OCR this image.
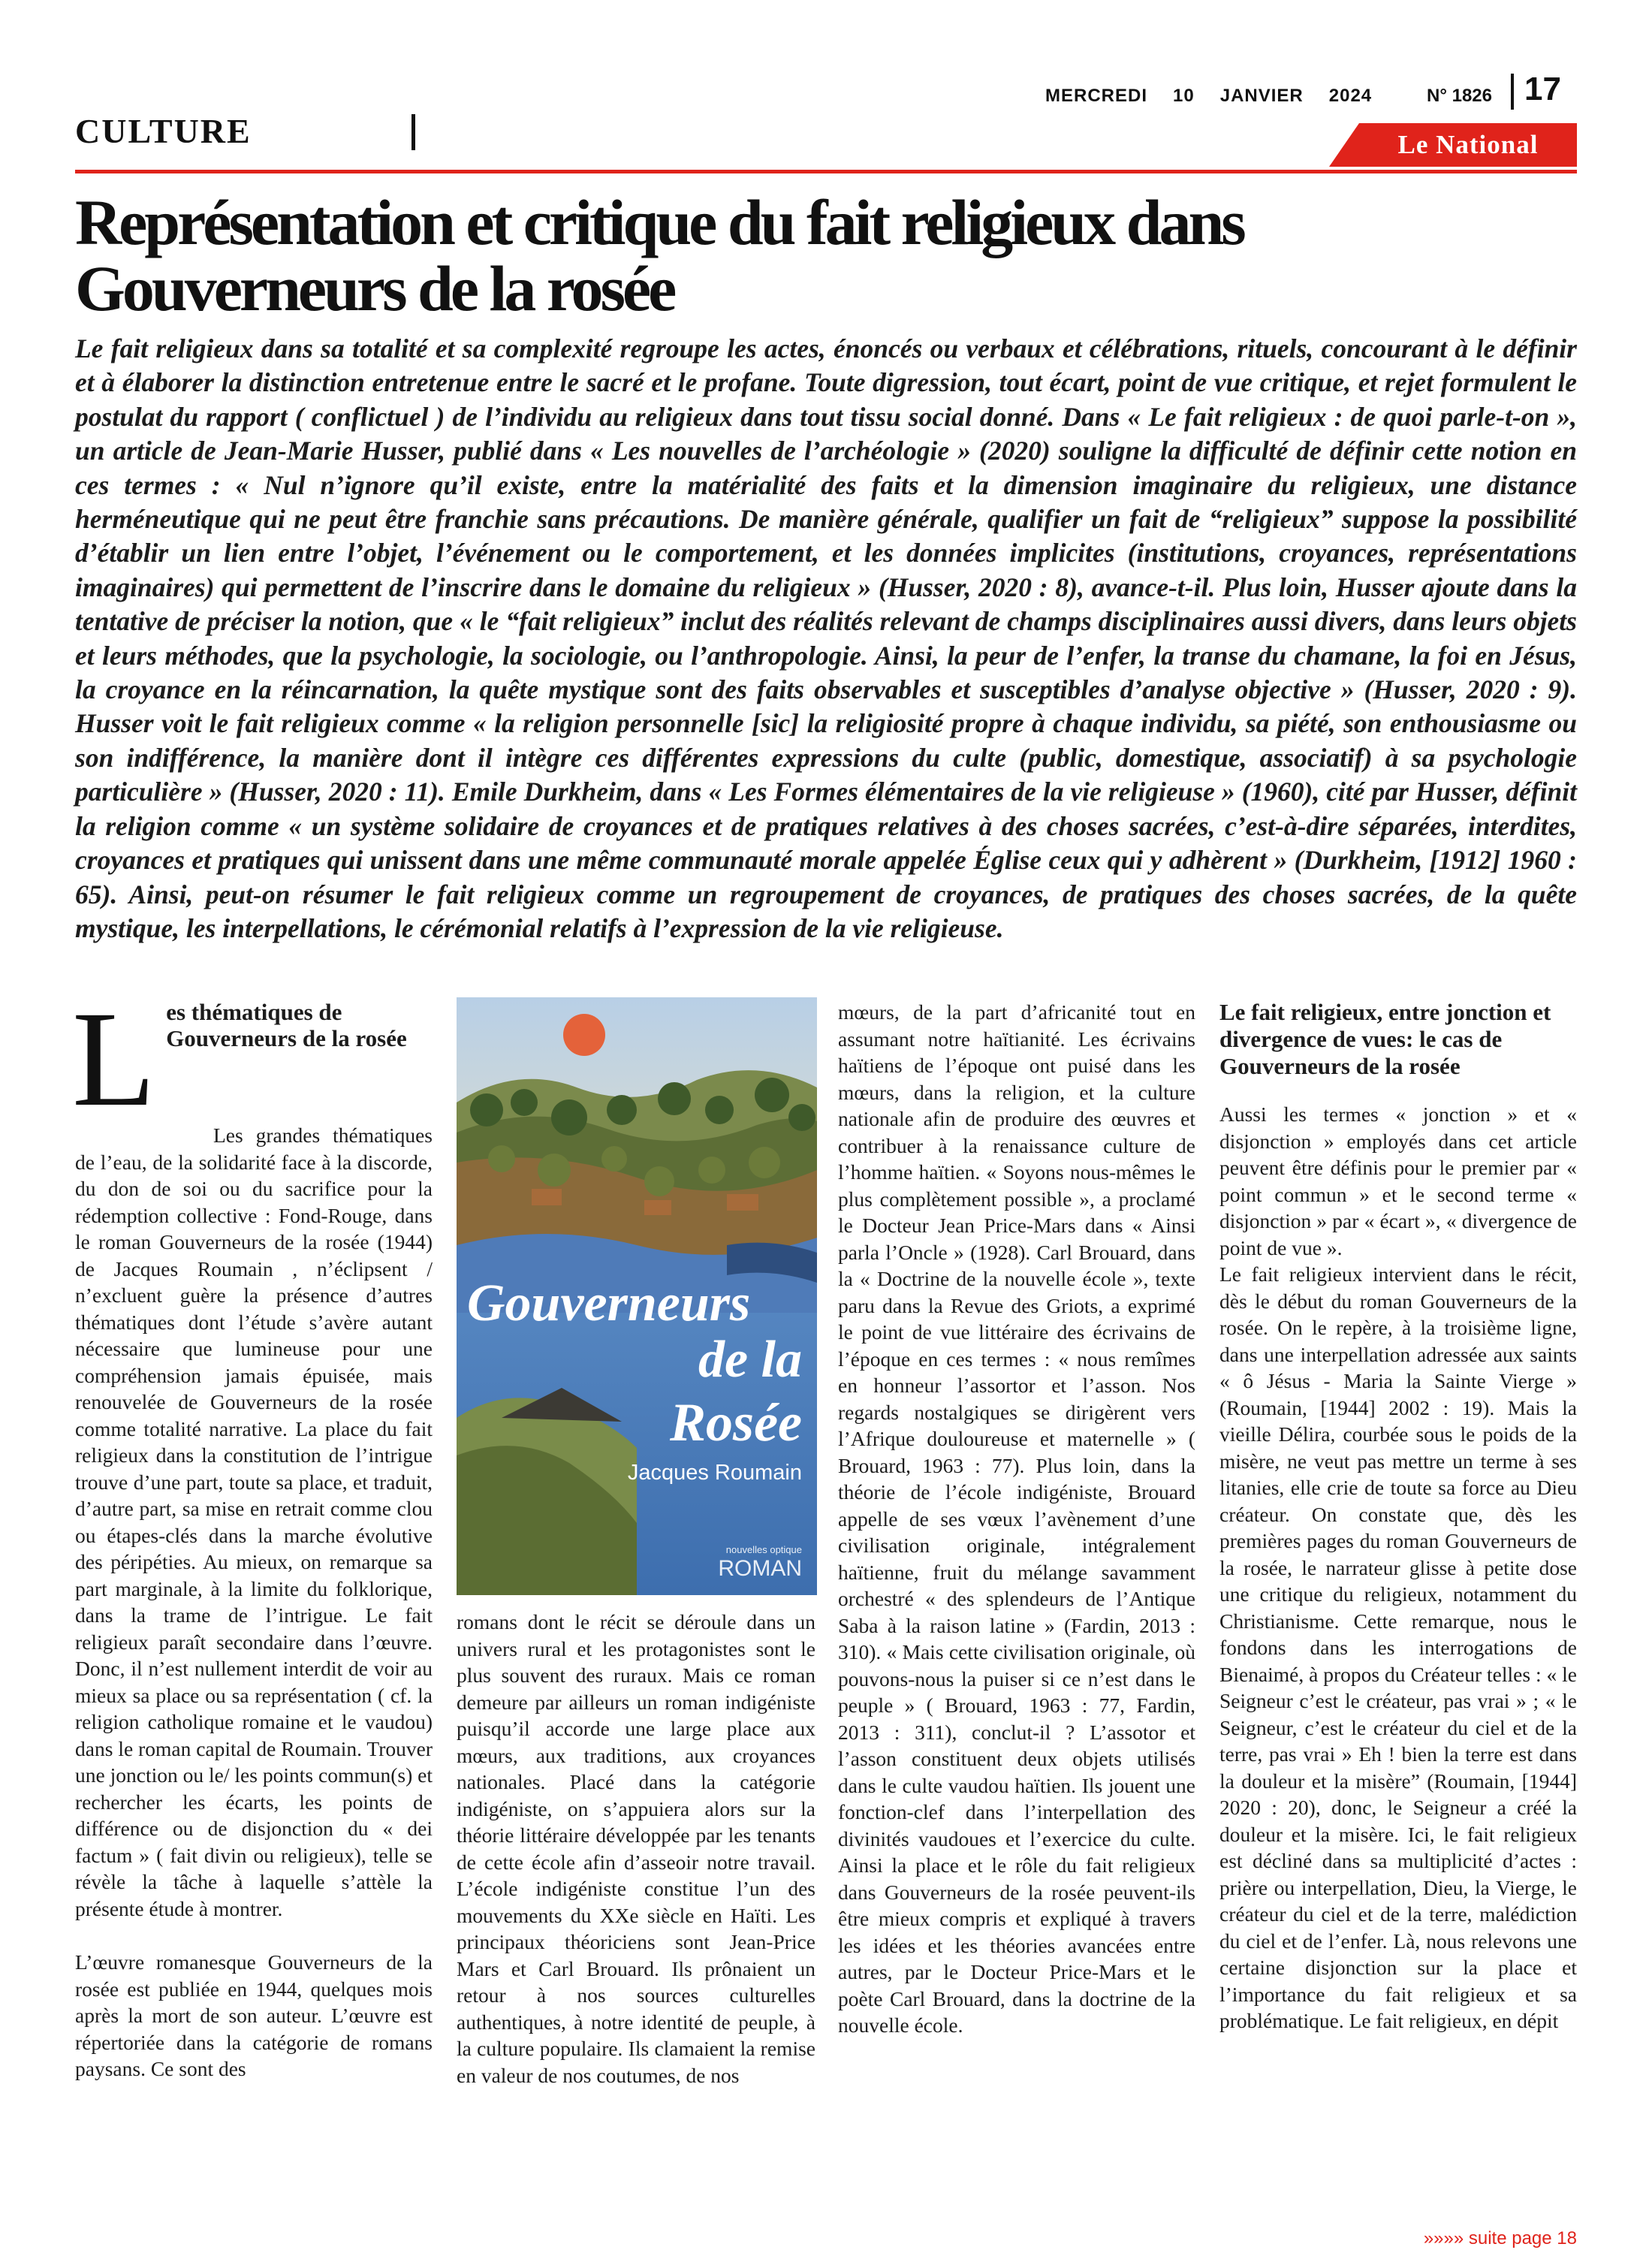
CULTURE
MERCREDI 10 JANVIER 2024	N° 1826 17
Le National
Représentation et critique du fait religieux dans Gouverneurs de la rosée
Le fait religieux dans sa totalité et sa complexité regroupe les actes, énoncés ou verbaux et célébrations, rituels, concourant à le définir et à élaborer la distinction entretenue entre le sacré et le profane. Toute digression, tout écart, point de vue critique, et rejet formulent le postulat du rapport ( conflictuel ) de l’individu au religieux dans tout tissu social donné. Dans « Le fait religieux : de quoi parle-t-on », un article de Jean-Marie Husser, publié dans « Les nouvelles de l’archéologie » (2020) souligne la difficulté de définir cette notion en ces termes : « Nul n’ignore qu’il existe, entre la matérialité des faits et la dimension imaginaire du religieux, une distance herméneutique qui ne peut être franchie sans précautions. De manière générale, qualifier un fait de “religieux” suppose la possibilité d’établir un lien entre l’objet, l’événement ou le comportement, et les données implicites (institutions, croyances, représentations imaginaires) qui permettent de l’inscrire dans le domaine du religieux » (Husser, 2020 : 8), avance-t-il. Plus loin, Husser ajoute dans la tentative de préciser la notion, que « le “fait religieux” inclut des réalités relevant de champs disciplinaires aussi divers, dans leurs objets et leurs méthodes, que la psychologie, la sociologie, ou l’anthropologie. Ainsi, la peur de l’enfer, la transe du chamane, la foi en Jésus, la croyance en la réincarnation, la quête mystique sont des faits observables et susceptibles d’analyse objective » (Husser, 2020 : 9). Husser voit le fait religieux comme « la religion personnelle [sic] la religiosité propre à chaque individu, sa piété, son enthousiasme ou son indifférence, la manière dont il intègre ces différentes expressions du culte (public, domestique, associatif) à sa psychologie particulière » (Husser, 2020 : 11). Emile Durkheim, dans « Les Formes élémentaires de la vie religieuse » (1960), cité par Husser, définit la religion comme « un système solidaire de croyances et de pratiques relatives à des choses sacrées, c’est-à-dire séparées, interdites, croyances et pratiques qui unissent dans une même communauté morale appelée Église ceux qui y adhèrent » (Durkheim, [1912] 1960 : 65). Ainsi, peut-on résumer le fait religieux comme un regroupement de croyances, de pratiques des choses sacrées, de la quête mystique, les interpellations, le cérémonial relatifs à l’expression de la vie religieuse.
L es thématiques de Gouverneurs de la rosée

Les grandes thématiques de l’eau, de la solidarité face à la discorde, du don de soi ou du sacrifice pour la rédemption collective : Fond-Rouge, dans le roman Gouverneurs de la rosée (1944) de Jacques Roumain , n’éclipsent / n’excluent guère la présence d’autres thématiques dont l’étude s’avère autant nécessaire que lumineuse pour une compréhension jamais épuisée, mais renouvelée de Gouverneurs de la rosée comme totalité narrative. La place du fait religieux dans la constitution de l’intrigue trouve d’une part, toute sa place, et traduit, d’autre part, sa mise en retrait comme clou ou étapes-clés dans la marche évolutive des péripéties. Au mieux, on remarque sa part marginale, à la limite du folklorique, dans la trame de l’intrigue. Le fait religieux paraît secondaire dans l’œuvre. Donc, il n’est nullement interdit de voir au mieux sa place ou sa représentation ( cf. la religion catholique romaine et le vaudou) dans le roman capital de Roumain. Trouver une jonction ou le/ les points commun(s) et rechercher les écarts, les points de différence ou de disjonction du « dei factum » ( fait divin ou religieux), telle se révèle la tâche à laquelle s’attèle la présente étude à montrer.

L’œuvre romanesque Gouverneurs de la rosée est publiée en 1944, quelques mois après la mort de son auteur. L’œuvre est répertoriée dans la catégorie de romans paysans. Ce sont des

Gouverneurs
de la
Rosée
Jacques Roumain
nouvelles optique
ROMAN

romans dont le récit se déroule dans un univers rural et les protagonistes sont le plus souvent des ruraux. Mais ce roman demeure par ailleurs un roman indigéniste puisqu’il accorde une large place aux mœurs, aux traditions, aux croyances nationales. Placé dans la catégorie indigéniste, on s’appuiera alors sur la théorie littéraire développée par les tenants de cette école afin d’asseoir notre travail. L’école indigéniste constitue l’un des mouvements du XXe siècle en Haïti. Les principaux théoriciens sont Jean-Price Mars et Carl Brouard. Ils prônaient un retour à nos sources culturelles authentiques, à notre identité de peuple, à la culture populaire. Ils clamaient la remise en valeur de nos coutumes, de nos

mœurs, de la part d’africanité tout en assumant notre haïtianité. Les écrivains haïtiens de l’époque ont puisé dans les mœurs, dans la religion, et la culture nationale afin de produire des œuvres et contribuer à la renaissance culture de l’homme haïtien. « Soyons nous-mêmes le plus complètement possible », a proclamé le Docteur Jean Price-Mars dans « Ainsi parla l’Oncle » (1928). Carl Brouard, dans la « Doctrine de la nouvelle école », texte paru dans la Revue des Griots, a exprimé le point de vue littéraire des écrivains de l’époque en ces termes : « nous remîmes en honneur l’assortor et l’asson. Nos regards nostalgiques se dirigèrent vers l’Afrique douloureuse et maternelle » ( Brouard, 1963 : 77). Plus loin, dans la théorie de l’école indigéniste, Brouard appelle de ses vœux l’avènement d’une civilisation originale, intégralement haïtienne, fruit du mélange savamment orchestré « des splendeurs de l’Antique Saba à la raison latine » (Fardin, 2013 : 310). « Mais cette civilisation originale, où pouvons-nous la puiser si ce n’est dans le peuple » ( Brouard, 1963 : 77, Fardin, 2013 : 311), conclut-il ? L’assotor et l’asson constituent deux objets utilisés dans le culte vaudou haïtien. Ils jouent une fonction-clef dans l’interpellation des divinités vaudoues et l’exercice du culte. Ainsi la place et le rôle du fait religieux dans Gouverneurs de la rosée peuvent-ils être mieux compris et expliqué à travers les idées et les théories avancées entre autres, par le Docteur Price-Mars et le poète Carl Brouard, dans la doctrine de la nouvelle école.

Le fait religieux, entre jonction et divergence de vues: le cas de Gouverneurs de la rosée

Aussi les termes « jonction » et « disjonction » employés dans cet article peuvent être définis pour le premier par « point commun » et le second terme « disjonction » par « écart », « divergence de point de vue ».

Le fait religieux intervient dans le récit, dès le début du roman Gouverneurs de la rosée. On le repère, à la troisième ligne, dans une interpellation adressée aux saints « ô Jésus - Maria la Sainte Vierge » (Roumain, [1944] 2002 : 19). Mais la vieille Délira, courbée sous le poids de la misère, ne veut pas mettre un terme à ses litanies, elle crie de toute sa force au Dieu créateur. On constate que, dès les premières pages du roman Gouverneurs de la rosée, le narrateur glisse à petite dose une critique du religieux, notamment du Christianisme. Cette remarque, nous le fondons dans les interrogations de Bienaimé, à propos du Créateur telles : « le Seigneur c’est le créateur, pas vrai » ; « le Seigneur, c’est le créateur du ciel et de la terre, pas vrai » Eh ! bien la terre est dans la douleur et la misère” (Roumain, [1944] 2020 : 20), donc, le Seigneur a créé la douleur et la misère. Ici, le fait religieux est décliné dans sa multiplicité d’actes : prière ou interpellation, Dieu, la Vierge, le créateur du ciel et de la terre, malédiction du ciel et de l’enfer. Là, nous relevons une certaine disjonction sur la place et l’importance du fait religieux et sa problématique. Le fait religieux, en dépit

»»»» suite page 18
